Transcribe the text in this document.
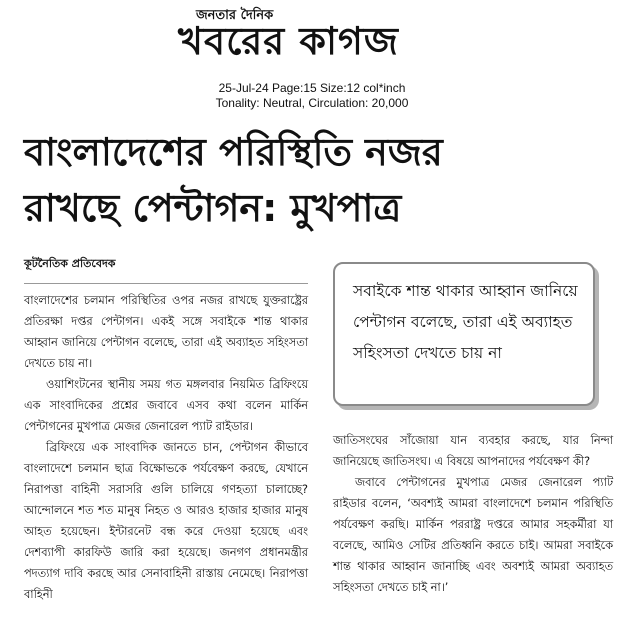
জনতার দৈনিক
খবরের কাগজ
25-Jul-24 Page:15 Size:12 col*inch
Tonality: Neutral, Circulation: 20,000
বাংলাদেশের পরিস্থিতি নজর
রাখছে পেন্টাগন: মুখপাত্র
কূটনৈতিক প্রতিবেদক

বাংলাদেশের চলমান পরিস্থিতির ওপর নজর রাখছে যুক্তরাষ্ট্রের প্রতিরক্ষা দপ্তর পেন্টাগন। একই সঙ্গে সবাইকে শান্ত থাকার আহ্বান জানিয়ে পেন্টাগন বলেছে, তারা এই অব্যাহত সহিংসতা দেখতে চায় না।

ওয়াশিংটনের স্থানীয় সময় গত মঙ্গলবার নিয়মিত ব্রিফিংয়ে এক সাংবাদিকের প্রশ্নের জবাবে এসব কথা বলেন মার্কিন পেন্টাগনের মুখপাত্র মেজর জেনারেল প্যাট রাইডার।

ব্রিফিংয়ে এক সাংবাদিক জানতে চান, পেন্টাগন কীভাবে বাংলাদেশে চলমান ছাত্র বিক্ষোভকে পর্যবেক্ষণ করছে, যেখানে নিরাপত্তা বাহিনী সরাসরি গুলি চালিয়ে গণহত্যা চালাচ্ছে? আন্দোলনে শত শত মানুষ নিহত ও আরও হাজার হাজার মানুষ আহত হয়েছেন। ইন্টারনেট বন্ধ করে দেওয়া হয়েছে এবং দেশব্যাপী কারফিউ জারি করা হয়েছে। জনগণ প্রধানমন্ত্রীর পদত্যাগ দাবি করছে আর সেনাবাহিনী রাস্তায় নেমেছে। নিরাপত্তা বাহিনী

সবাইকে শান্ত থাকার আহ্বান জানিয়ে পেন্টাগন বলেছে, তারা এই অব্যাহত সহিংসতা দেখতে চায় না

জাতিসংঘের সাঁজোয়া যান ব্যবহার করছে, যার নিন্দা জানিয়েছে জাতিসংঘ। এ বিষয়ে আপনাদের পর্যবেক্ষণ কী?

জবাবে পেন্টাগনের মুখপাত্র মেজর জেনারেল প্যাট রাইডার বলেন, ‘অবশ্যই আমরা বাংলাদেশে চলমান পরিস্থিতি পর্যবেক্ষণ করছি। মার্কিন পররাষ্ট্র দপ্তরে আমার সহকর্মীরা যা বলেছে, আমিও সেটির প্রতিধ্বনি করতে চাই। আমরা সবাইকে শান্ত থাকার আহ্বান জানাচ্ছি এবং অবশ্যই আমরা অব্যাহত সহিংসতা দেখতে চাই না।’
